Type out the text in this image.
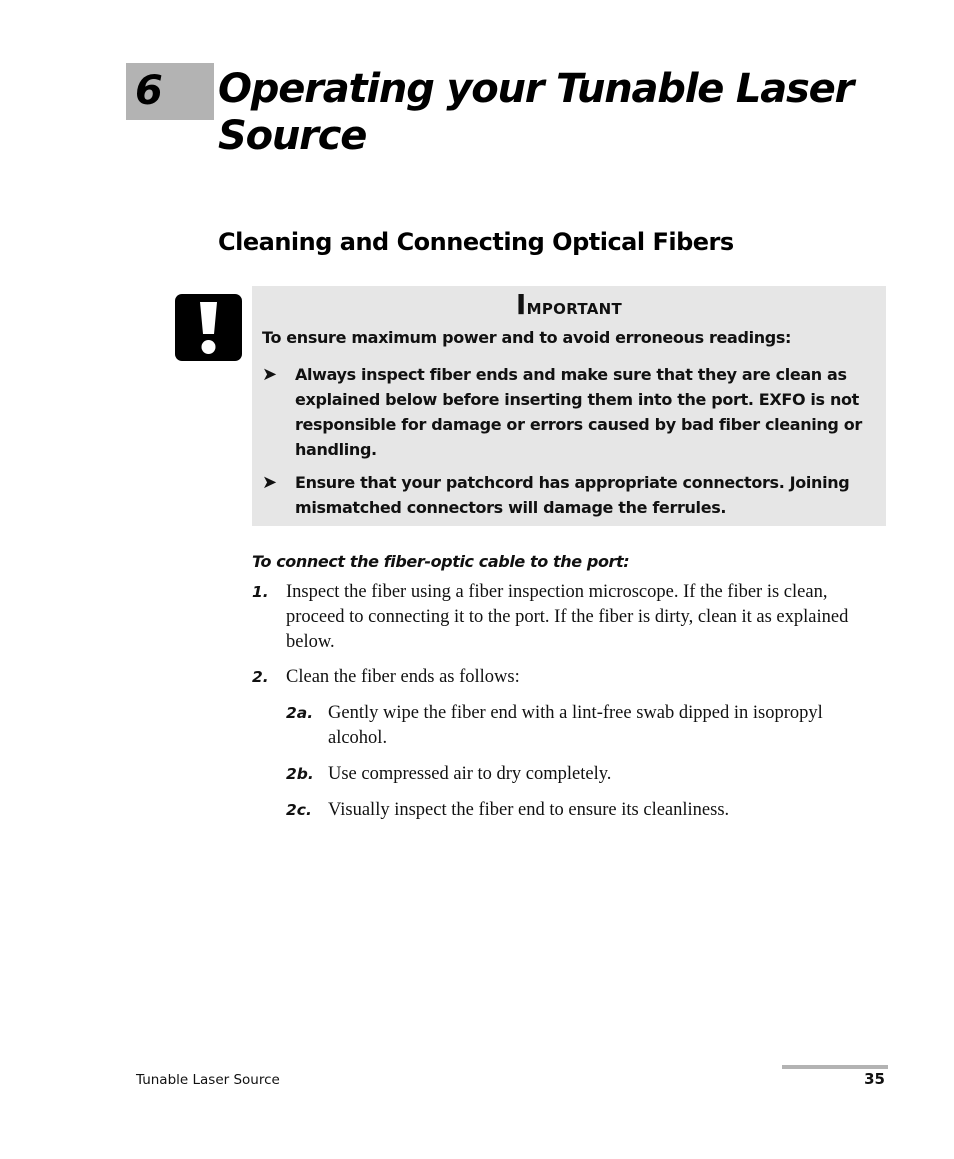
6 Operating your Tunable Laser Source
Cleaning and Connecting Optical Fibers
Important
To ensure maximum power and to avoid erroneous readings:
➤ Always inspect fiber ends and make sure that they are clean as explained below before inserting them into the port. EXFO is not responsible for damage or errors caused by bad fiber cleaning or handling.
➤ Ensure that your patchcord has appropriate connectors. Joining mismatched connectors will damage the ferrules.
To connect the fiber-optic cable to the port:
1. Inspect the fiber using a fiber inspection microscope. If the fiber is clean, proceed to connecting it to the port. If the fiber is dirty, clean it as explained below.
2. Clean the fiber ends as follows:
2a. Gently wipe the fiber end with a lint-free swab dipped in isopropyl alcohol.
2b. Use compressed air to dry completely.
2c. Visually inspect the fiber end to ensure its cleanliness.
Tunable Laser Source	35
